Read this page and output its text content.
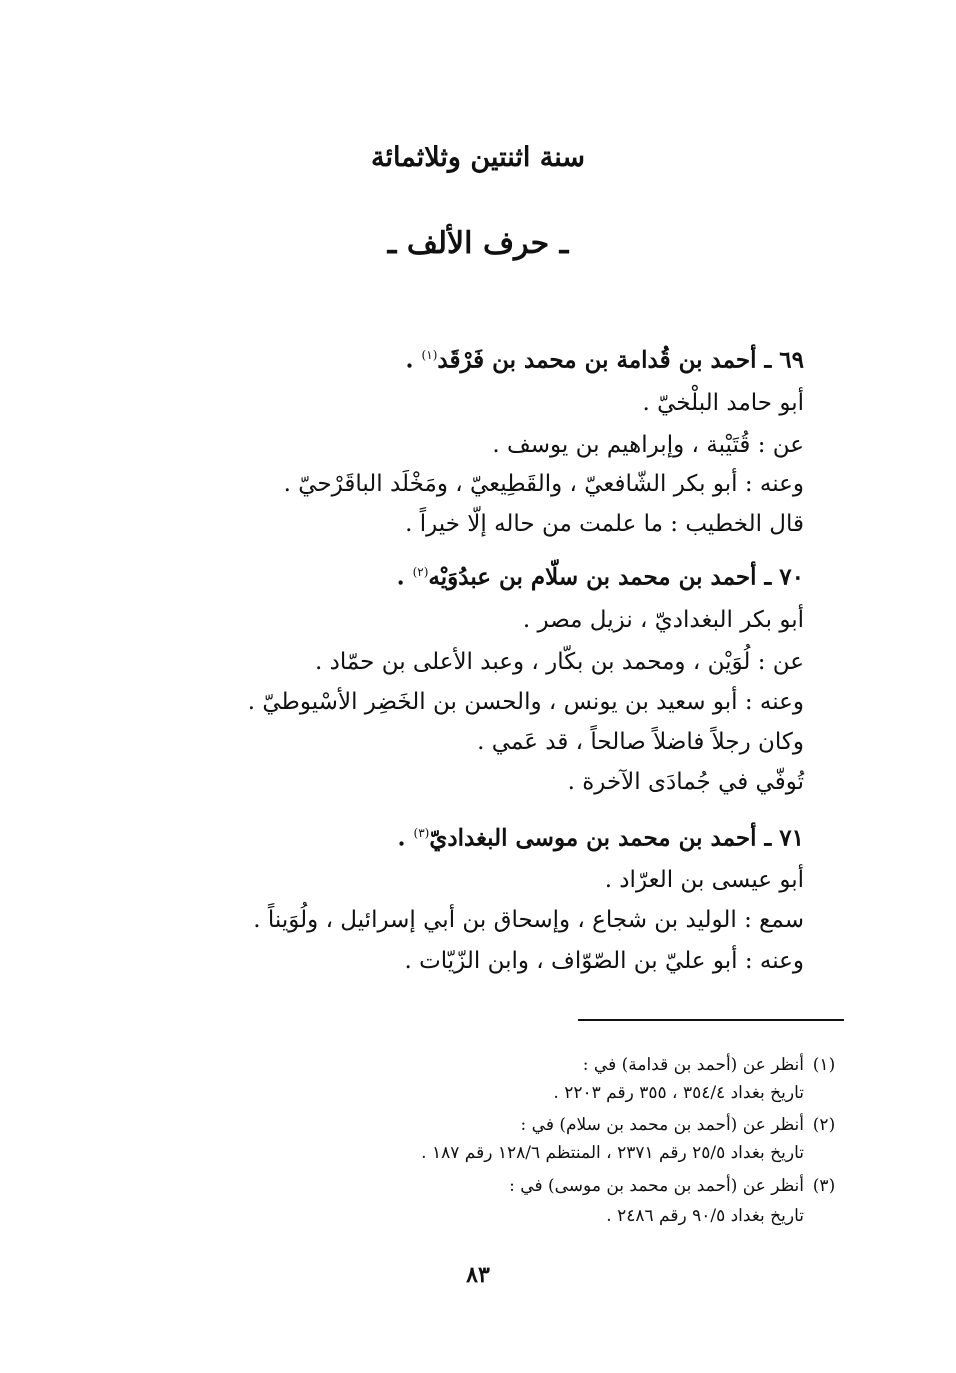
سنة اثنتين وثلاثمائة
ـ حرف الألف ـ
٦٩ ـ أحمد بن قُدامة بن محمد بن فَرْقَد$^{(١)}$ .
أبو حامد البلْخيّ .
عن : قُتَيْبة ، وإبراهيم بن يوسف .
وعنه : أبو بكر الشّافعيّ ، والقَطِيعيّ ، ومَخْلَد الباقَرْحيّ .
قال الخطيب : ما علمت من حاله إلّا خيراً .
٧٠ ـ أحمد بن محمد بن سلّام بن عبدُوَيْه$^{(٢)}$ .
أبو بكر البغداديّ ، نزيل مصر .
عن : لُوَيْن ، ومحمد بن بكّار ، وعبد الأعلى بن حمّاد .
وعنه : أبو سعيد بن يونس ، والحسن بن الخَضِر الأسْيوطيّ .
وكان رجلاً فاضلاً صالحاً ، قد عَمي .
تُوفّي في جُمادَى الآخرة .
٧١ ـ أحمد بن محمد بن موسى البغداديّ$^{(٣)}$ .
أبو عيسى بن العرّاد .
سمع : الوليد بن شجاع ، وإسحاق بن أبي إسرائيل ، ولُوَيناً .
وعنه : أبو عليّ بن الصّوّاف ، وابن الزّيّات .
(١)أنظر عن (أحمد بن قدامة) في :
تاريخ بغداد ٣٥٤/٤ ، ٣٥٥ رقم ٢٢٠٣ .
(٢)أنظر عن (أحمد بن محمد بن سلام) في :
تاريخ بغداد ٢٥/٥ رقم ٢٣٧١ ، المنتظم ١٢٨/٦ رقم ١٨٧ .
(٣)أنظر عن (أحمد بن محمد بن موسى) في :
تاريخ بغداد ٩٠/٥ رقم ٢٤٨٦ .
٨٣
